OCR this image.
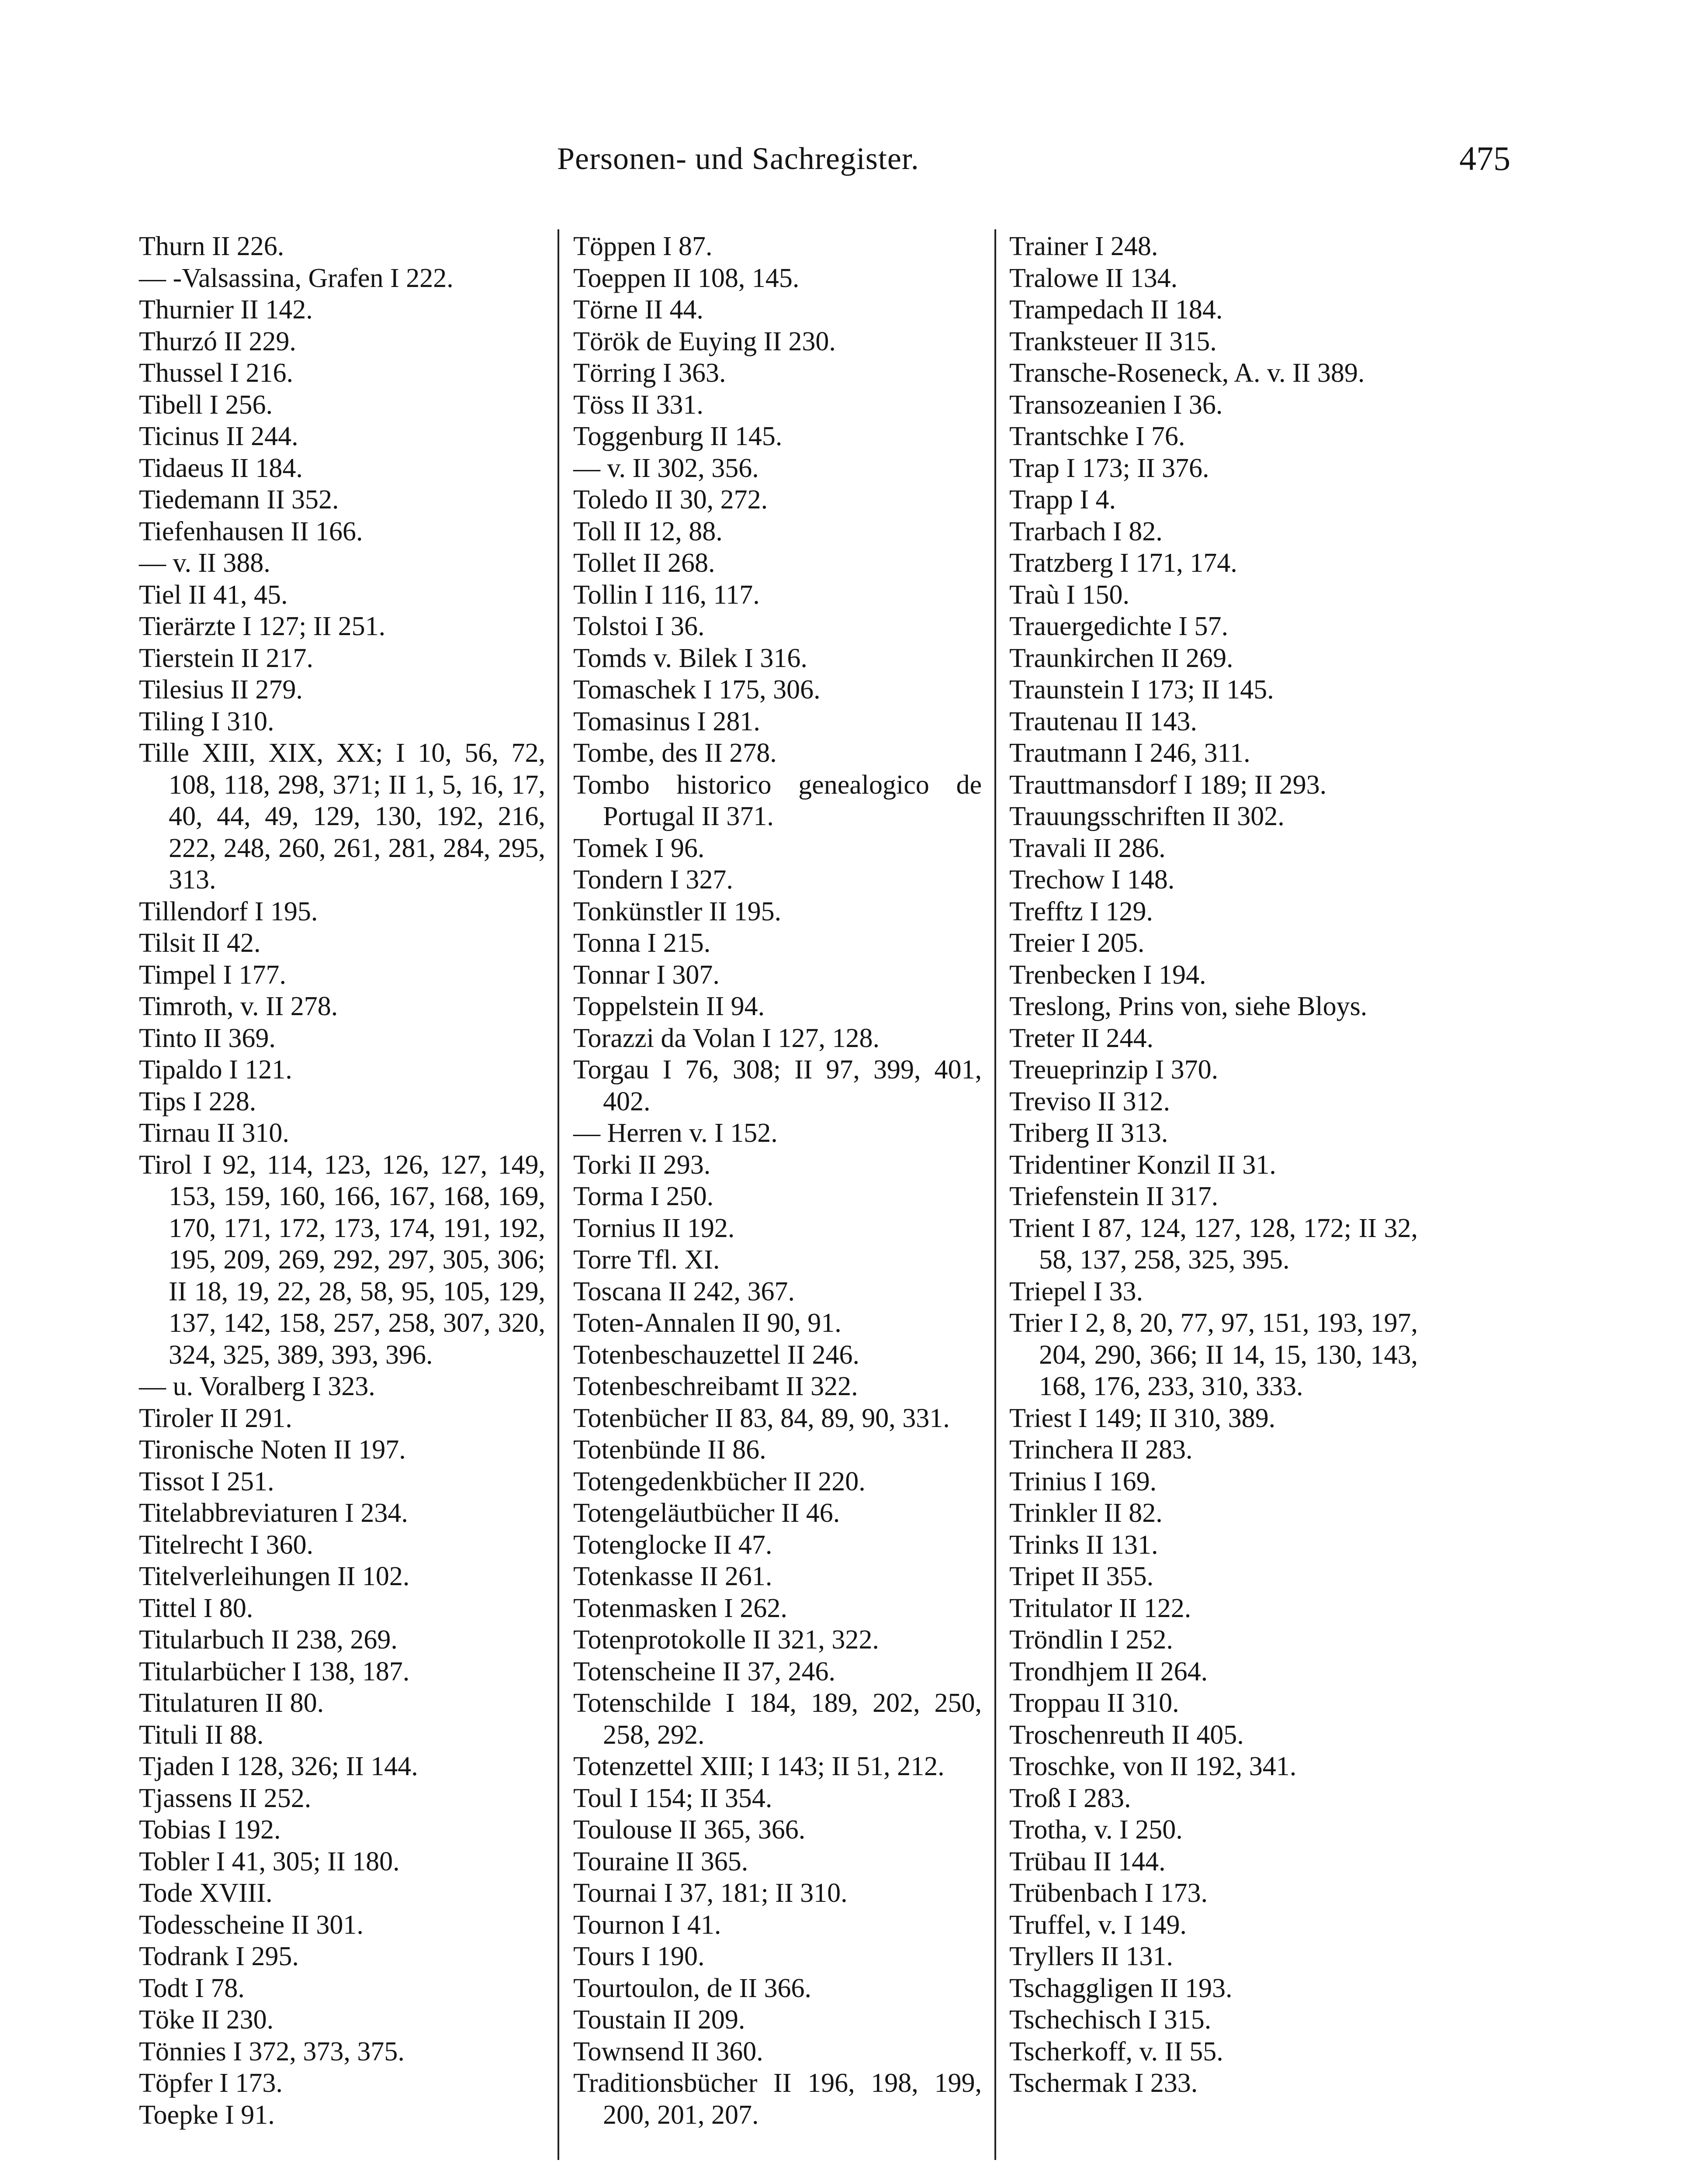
Personen- und Sachregister.	475

Thurn II 226.

— -Valsassina, Grafen I 222.

Thurnier II 142.

Thurzó II 229.

Thussel I 216.

Tibell I 256.

Ticinus II 244.

Tidaeus II 184.

Tiedemann II 352.

Tiefenhausen II 166.

— v. II 388.

Tiel II 41, 45.

Tierärzte I 127; II 251.

Tierstein II 217.

Tilesius II 279.

Tiling I 310.

Tille XIII, XIX, XX; I 10, 56, 72, 108, 118, 298, 371; II 1, 5, 16, 17, 40, 44, 49, 129, 130, 192, 216, 222, 248, 260, 261, 281, 284, 295, 313.

Tillendorf I 195.

Tilsit II 42.

Timpel I 177.

Timroth, v. II 278.

Tinto II 369.

Tipaldo I 121.

Tips I 228.

Tirnau II 310.

Tirol I 92, 114, 123, 126, 127, 149, 153, 159, 160, 166, 167, 168, 169, 170, 171, 172, 173, 174, 191, 192, 195, 209, 269, 292, 297, 305, 306; II 18, 19, 22, 28, 58, 95, 105, 129, 137, 142, 158, 257, 258, 307, 320, 324, 325, 389, 393, 396.

— u. Voralberg I 323.

Tiroler II 291.

Tironische Noten II 197.

Tissot I 251.

Titelabbreviaturen I 234.

Titelrecht I 360.

Titelverleihungen II 102.

Tittel I 80.

Titularbuch II 238, 269.

Titularbücher I 138, 187.

Titulaturen II 80.

Tituli II 88.

Tjaden I 128, 326; II 144.

Tjassens II 252.

Tobias I 192.

Tobler I 41, 305; II 180.

Tode XVIII.

Todesscheine II 301.

Todrank I 295.

Todt I 78.

Töke II 230.

Tönnies I 372, 373, 375.

Töpfer I 173.

Toepke I 91.

Töppen I 87.

Toeppen II 108, 145.

Törne II 44.

Török de Euying II 230.

Törring I 363.

Töss II 331.

Toggenburg II 145.

— v. II 302, 356.

Toledo II 30, 272.

Toll II 12, 88.

Tollet II 268.

Tollin I 116, 117.

Tolstoi I 36.

Tomds v. Bilek I 316.

Tomaschek I 175, 306.

Tomasinus I 281.

Tombe, des II 278.

Tombo historico genealogico de Portugal II 371.

Tomek I 96.

Tondern I 327.

Tonkünstler II 195.

Tonna I 215.

Tonnar I 307.

Toppelstein II 94.

Torazzi da Volan I 127, 128.

Torgau I 76, 308; II 97, 399, 401, 402.

— Herren v. I 152.

Torki II 293.

Torma I 250.

Tornius II 192.

Torre Tfl. XI.

Toscana II 242, 367.

Toten-Annalen II 90, 91.

Totenbeschauzettel II 246.

Totenbeschreibamt II 322.

Totenbücher II 83, 84, 89, 90, 331.

Totenbünde II 86.

Totengedenkbücher II 220.

Totengeläutbücher II 46.

Totenglocke II 47.

Totenkasse II 261.

Totenmasken I 262.

Totenprotokolle II 321, 322.

Totenscheine II 37, 246.

Totenschilde I 184, 189, 202, 250, 258, 292.

Totenzettel XIII; I 143; II 51, 212.

Toul I 154; II 354.

Toulouse II 365, 366.

Touraine II 365.

Tournai I 37, 181; II 310.

Tournon I 41.

Tours I 190.

Tourtoulon, de II 366.

Toustain II 209.

Townsend II 360.

Traditionsbücher II 196, 198, 199, 200, 201, 207.

Trainer I 248.

Tralowe II 134.

Trampedach II 184.

Tranksteuer II 315.

Transche-Roseneck, A. v. II 389.

Transozeanien I 36.

Trantschke I 76.

Trap I 173; II 376.

Trapp I 4.

Trarbach I 82.

Tratzberg I 171, 174.

Traù I 150.

Trauergedichte I 57.

Traunkirchen II 269.

Traunstein I 173; II 145.

Trautenau II 143.

Trautmann I 246, 311.

Trauttmansdorf I 189; II 293.

Trauungsschriften II 302.

Travali II 286.

Trechow I 148.

Trefftz I 129.

Treier I 205.

Trenbecken I 194.

Treslong, Prins von, siehe Bloys.

Treter II 244.

Treueprinzip I 370.

Treviso II 312.

Triberg II 313.

Tridentiner Konzil II 31.

Triefenstein II 317.

Trient I 87, 124, 127, 128, 172; II 32, 58, 137, 258, 325, 395.

Triepel I 33.

Trier I 2, 8, 20, 77, 97, 151, 193, 197, 204, 290, 366; II 14, 15, 130, 143, 168, 176, 233, 310, 333.

Triest I 149; II 310, 389.

Trinchera II 283.

Trinius I 169.

Trinkler II 82.

Trinks II 131.

Tripet II 355.

Tritulator II 122.

Tröndlin I 252.

Trondhjem II 264.

Troppau II 310.

Troschenreuth II 405.

Troschke, von II 192, 341.

Troß I 283.

Trotha, v. I 250.

Trübau II 144.

Trübenbach I 173.

Truffel, v. I 149.

Tryllers II 131.

Tschaggligen II 193.

Tschechisch I 315.

Tscherkoff, v. II 55.

Tschermak I 233.
